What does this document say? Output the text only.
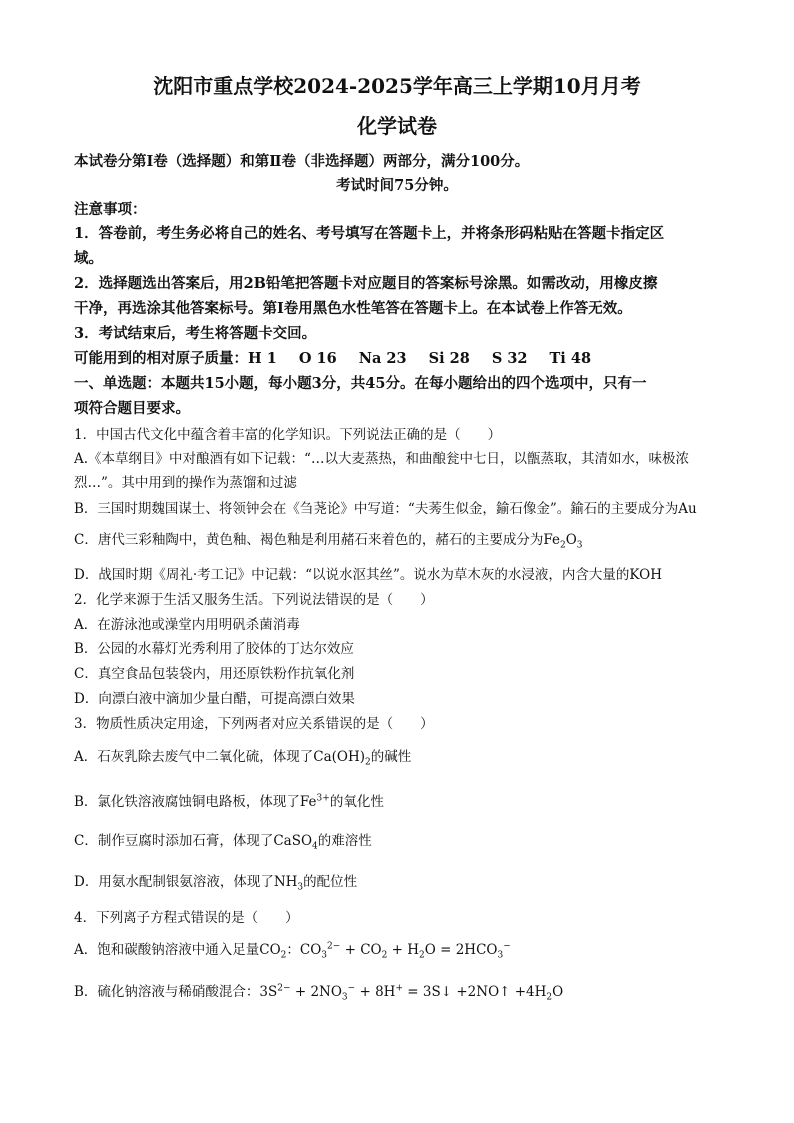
沈阳市重点学校2024-2025学年高三上学期10月月考
化学试卷
本试卷分第Ⅰ卷（选择题）和第Ⅱ卷（非选择题）两部分，满分100分。
考试时间75分钟。
注意事项：
1．答卷前，考生务必将自己的姓名、考号填写在答题卡上，并将条形码粘贴在答题卡指定区
域。
2．选择题选出答案后，用2B铅笔把答题卡对应题目的答案标号涂黑。如需改动，用橡皮擦
干净，再选涂其他答案标号。第Ⅰ卷用黑色水性笔答在答题卡上。在本试卷上作答无效。
3．考试结束后，考生将答题卡交回。
可能用到的相对原子质量：H 1 O 16 Na 23 Si 28 S 32 Ti 48
一、单选题：本题共15小题，每小题3分，共45分。在每小题给出的四个选项中，只有一
项符合题目要求。
1．中国古代文化中蕴含着丰富的化学知识。下列说法正确的是（　　）
A.《本草纲目》中对酿酒有如下记载：“…以大麦蒸热，和曲酿瓮中七日，以甑蒸取，其清如水，味极浓
烈…”。其中用到的操作为蒸馏和过滤
B．三国时期魏国谋士、将领钟会在《刍荛论》中写道：“夫莠生似金，鍮石像金”。鍮石的主要成分为Au
C．唐代三彩釉陶中，黄色釉、褐色釉是利用赭石来着色的，赭石的主要成分为$Fe_2O_3$
D．战国时期《周礼·考工记》中记载：“以说水沤其丝”。说水为草木灰的水浸液，内含大量的KOH
2．化学来源于生活又服务生活。下列说法错误的是（　　）
A．在游泳池或澡堂内用明矾杀菌消毒
B．公园的水幕灯光秀利用了胶体的丁达尔效应
C．真空食品包装袋内，用还原铁粉作抗氧化剂
D．向漂白液中滴加少量白醋，可提高漂白效果
3．物质性质决定用途，下列两者对应关系错误的是（　　）
A．石灰乳除去废气中二氧化硫，体现了$Ca(OH)_2$的碱性
B．氯化铁溶液腐蚀铜电路板，体现了$Fe^{3+}$的氧化性
C．制作豆腐时添加石膏，体现了CaSO$_4$的难溶性
D．用氨水配制银氨溶液，体现了$NH_3$的配位性
4．下列离子方程式错误的是（　　）
A．饱和碳酸钠溶液中通入足量$CO_2$：$CO_3^{2-} + CO_2 + H_2O = 2HCO_3^-$
B．硫化钠溶液与稀硝酸混合：$3S^{2-} + 2NO_3^- + 8H^+$ = 3S↓ +2NO↑ $+4H_2O$
